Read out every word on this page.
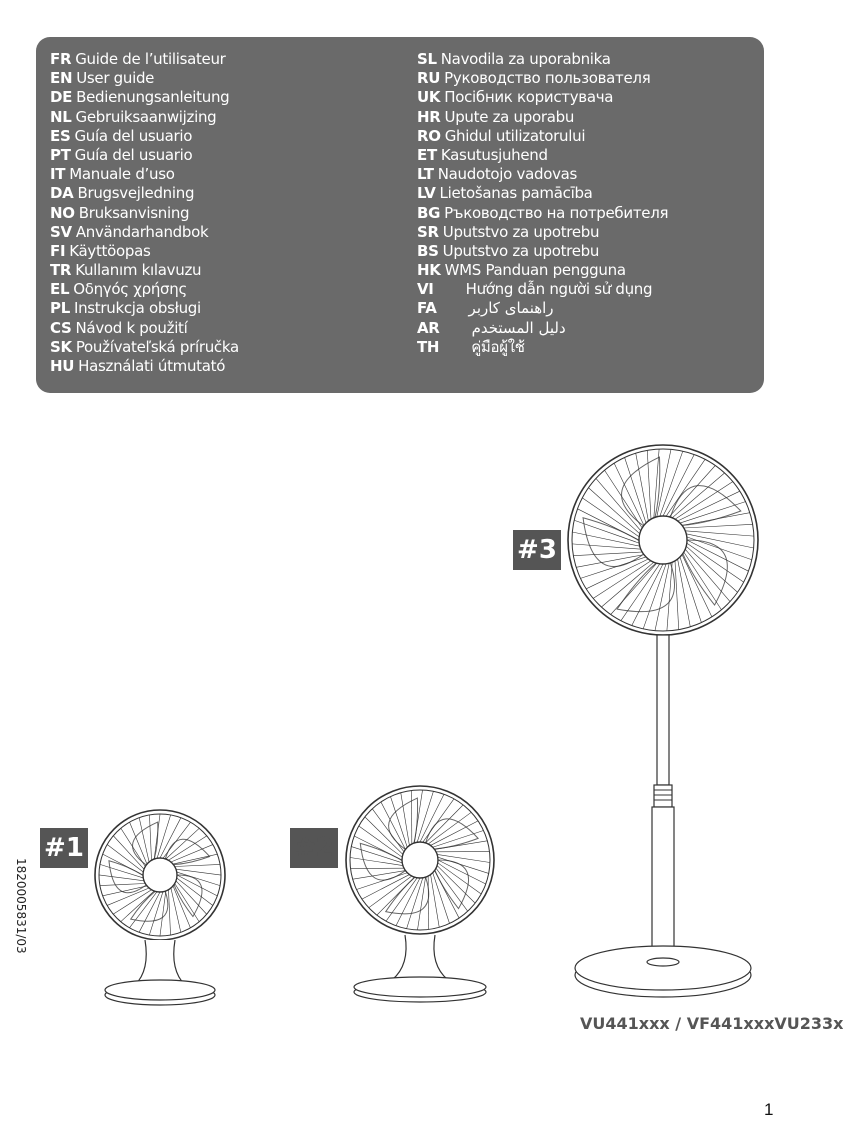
FR Guide de l’utilisateur
EN User guide
DE Bedienungsanleitung
NL Gebruiksaanwijzing
ES Guía del usuario
PT Guía del usuario
IT Manuale d’uso
DA Brugsvejledning
NO Bruksanvisning
SV Användarhandbok
FI Käyttöopas
TR Kullanım kılavuzu
EL Οδηγός χρήσης
PL Instrukcja obsługi
CS Návod k použití
SK Používateľská príručka
HU Használati útmutató
SL Navodila za uporabnika
RU Руководство пользователя
UK Посібник користувача
HR Upute za uporabu
RO Ghidul utilizatorului
ET Kasutusjuhend
LT Naudotojo vadovas
LV Lietošanas pamācība
BG Ръководство на потребителя
SR Uputstvo za upotrebu
BS Uputstvo za upotrebu
HK WMS Panduan pengguna
VI Hướng dẫn người sử dụng
FA راهنمای کاربر
AR دليل المستخدم
TH คู่มือผู้ใช้
#3
#1	#2
1820005831/03
VU441xxx / VF441xxxVU233x
1
